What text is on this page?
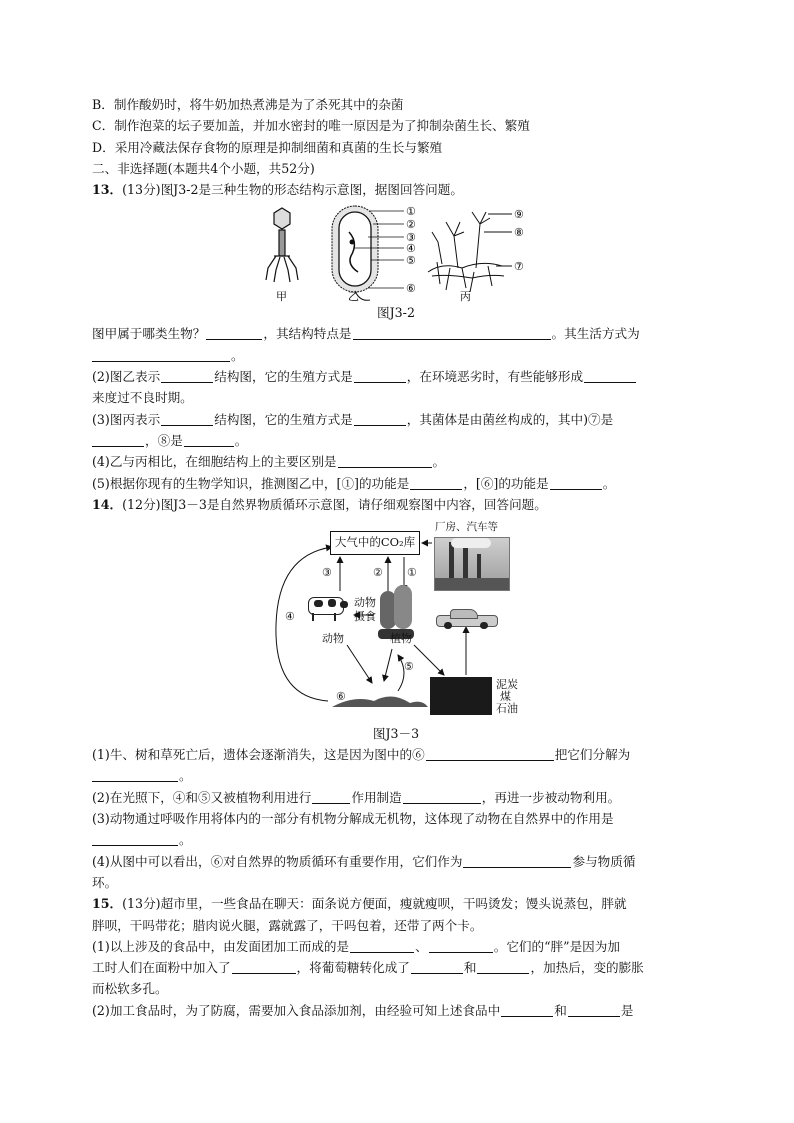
B．制作酸奶时，将牛奶加热煮沸是为了杀死其中的杂菌
C．制作泡菜的坛子要加盖，并加水密封的唯一原因是为了抑制杂菌生长、繁殖
D．采用冷藏法保存食物的原理是抑制细菌和真菌的生长与繁殖
二、非选择题(本题共4个小题，共52分)
13．(13分)图J3-2是三种生物的形态结构示意图，据图回答问题。
①
②
③
④
⑤
⑥
⑨
⑧
⑦
甲	乙	丙
图J3-2
图甲属于哪类生物？	，其结构特点是	。其生活方式为
。
(2)图乙表示	结构图，它的生殖方式是	，在环境恶劣时，有些能够形成
来度过不良时期。
(3)图丙表示	结构图，它的生殖方式是	，其菌体是由菌丝构成的，其中)⑦是
，⑧是	。
(4)乙与丙相比，在细胞结构上的主要区别是	。
(5)根据你现有的生物学知识，推测图乙中，[①]的功能是	，[⑥]的功能是	。
14．(12分)图J3－3是自然界物质循环示意图，请仔细观察图中内容，回答问题。
厂房、汽车等
大气中的CO₂库
③	② ①
④
⑤
⑥
动物
摄食
动物	植物
泥炭
煤
石油
图J3－3
(1)牛、树和草死亡后，遗体会逐渐消失，这是因为图中的⑥	把它们分解为
。
(2)在光照下，④和⑤又被植物利用进行	作用制造	，再进一步被动物利用。
(3)动物通过呼吸作用将体内的一部分有机物分解成无机物，这体现了动物在自然界中的作用是
。
(4)从图中可以看出，⑥对自然界的物质循环有重要作用，它们作为	参与物质循
环。
15．(13分)超市里，一些食品在聊天：面条说方便面，瘦就瘦呗，干吗烫发；馒头说蒸包，胖就
胖呗，干吗带花；腊肉说火腿，露就露了，干吗包着，还带了两个卡。
(1)以上涉及的食品中，由发面团加工而成的是	、	。它们的“胖”是因为加
工时人们在面粉中加入了	，将葡萄糖转化成了	和	，加热后，变的膨胀
而松软多孔。
(2)加工食品时，为了防腐，需要加入食品添加剂，由经验可知上述食品中	和	是
